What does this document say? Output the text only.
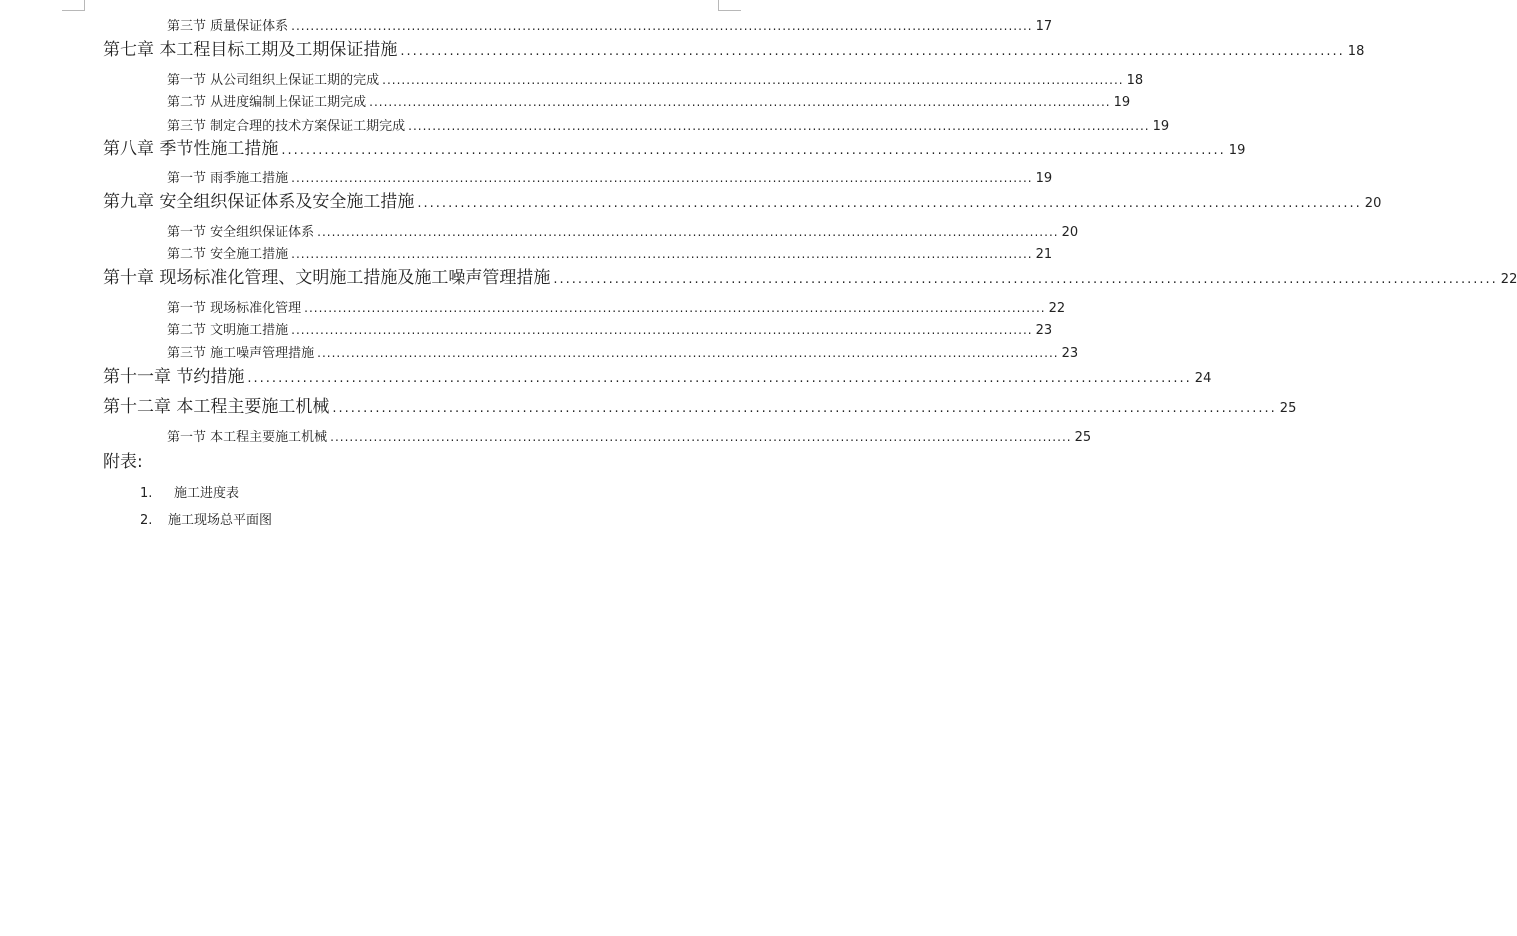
第三节 质量保证体系 .......................................................................................................................................................... 17
第七章 本工程目标工期及工期保证措施 .......................................................................................................................................................... 18
第一节 从公司组织上保证工期的完成 .......................................................................................................................................................... 18
第二节 从进度编制上保证工期完成 .......................................................................................................................................................... 19
第三节 制定合理的技术方案保证工期完成 .......................................................................................................................................................... 19
第八章 季节性施工措施 .......................................................................................................................................................... 19
第一节 雨季施工措施 .......................................................................................................................................................... 19
第九章 安全组织保证体系及安全施工措施 .......................................................................................................................................................... 20
第一节 安全组织保证体系 .......................................................................................................................................................... 20
第二节 安全施工措施 .......................................................................................................................................................... 21
第十章 现场标准化管理、文明施工措施及施工噪声管理措施 .......................................................................................................................................................... 22
第一节 现场标准化管理 .......................................................................................................................................................... 22
第二节 文明施工措施 .......................................................................................................................................................... 23
第三节 施工噪声管理措施 .......................................................................................................................................................... 23
第十一章 节约措施 .......................................................................................................................................................... 24
第十二章 本工程主要施工机械 .......................................................................................................................................................... 25
第一节 本工程主要施工机械 .......................................................................................................................................................... 25
附表:
1. 施工进度表
2. 施工现场总平面图
